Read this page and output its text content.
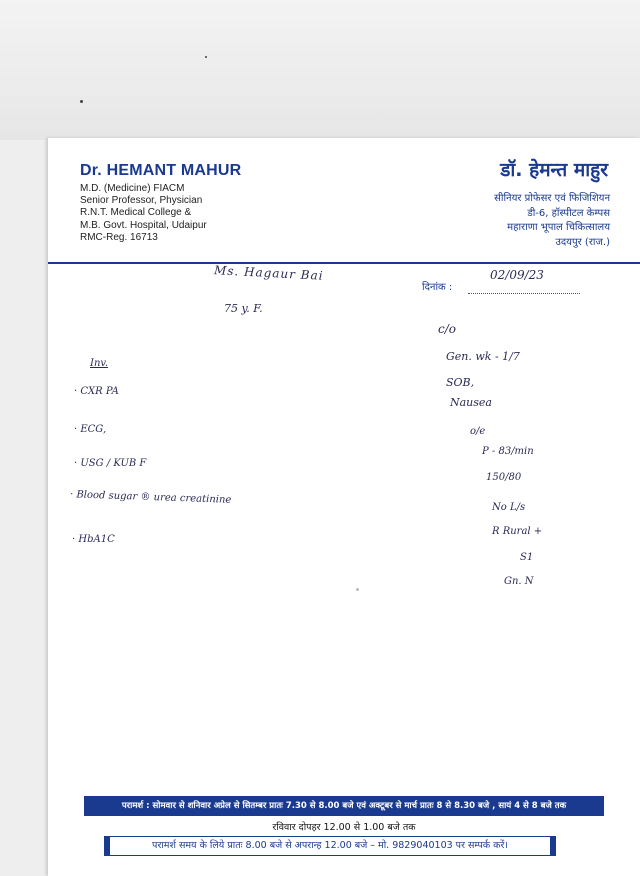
Dr. HEMANT MAHUR
M.D. (Medicine) FIACM
Senior Professor, Physician
R.N.T. Medical College &
M.B. Govt. Hospital, Udaipur
RMC-Reg. 16713
डॉ. हेमन्त माहुर
सीनियर प्रोफेसर एवं फिजिशियन
डी-6, हॉस्पीटल केम्पस
महाराणा भूपाल चिकित्सालय
उदयपुर (राज.)
दिनांक :
02/09/23
Ms. Hagaur Bai
75 y. F.
c/o
Gen. wk - 1/7
SOB,
Nausea
o/e
P - 83/min
150/80
No L/s
R Rural +
S1
Gn. N
Inv.
· CXR PA
· ECG,
· USG / KUB F
· Blood sugar ® urea creatinine
· HbA1C
परामर्श : सोमवार से शनिवार अप्रेल से सितम्बर प्रातः 7.30 से 8.00 बजे एवं अक्टूबर से मार्च प्रातः 8 से 8.30 बजे , सायं 4 से 8 बजे तक
रविवार दोपहर 12.00 से 1.00 बजे तक
परामर्श समय के लिये प्रातः 8.00 बजे से अपरान्ह 12.00 बजे – मो. 9829040103 पर सम्पर्क करें।
